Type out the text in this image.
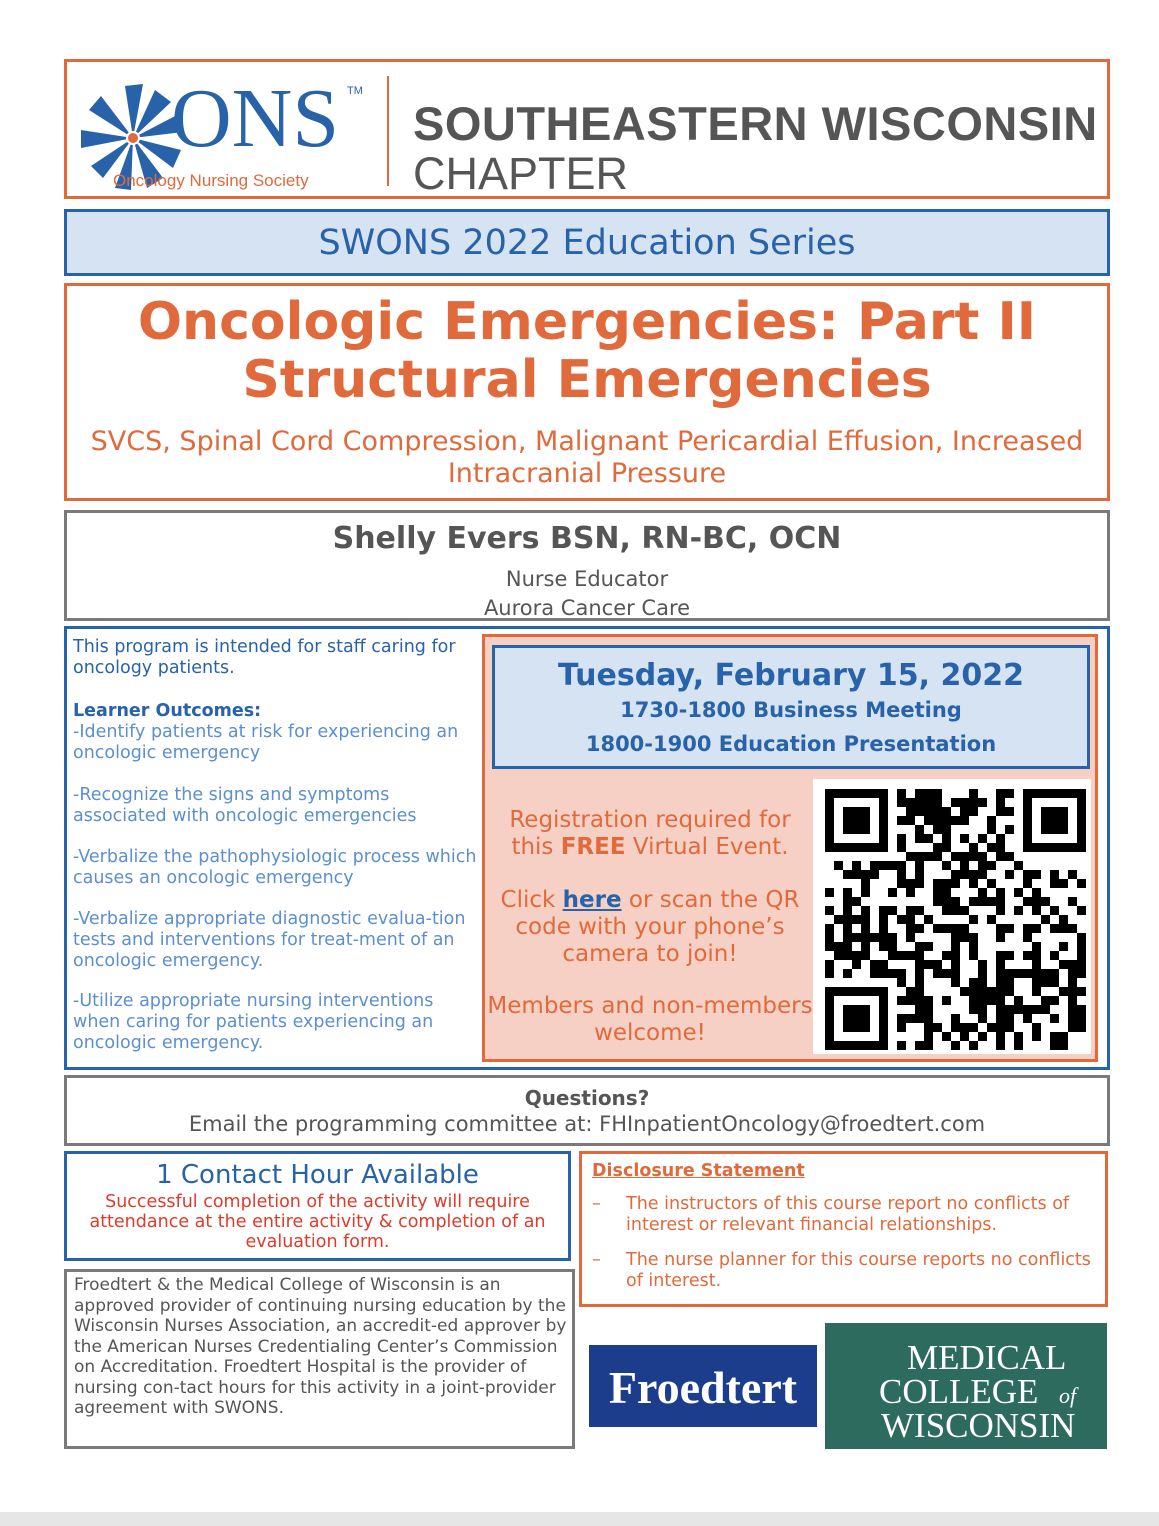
ONS TM
Oncology Nursing Society
SOUTHEASTERN WISCONSIN
CHAPTER
SWONS 2022 Education Series
Oncologic Emergencies: Part II
Structural Emergencies
SVCS, Spinal Cord Compression, Malignant Pericardial Effusion, Increased Intracranial Pressure
Shelly Evers BSN, RN-BC, OCN
Nurse Educator
Aurora Cancer Care
This program is intended for staff caring for oncology patients.
Learner Outcomes:
-Identify patients at risk for experiencing an oncologic emergency
-Recognize the signs and symptoms associated with oncologic emergencies
-Verbalize the pathophysiologic process which causes an oncologic emergency
-Verbalize appropriate diagnostic evalua-tion tests and interventions for treat-ment of an oncologic emergency.
-Utilize appropriate nursing interventions when caring for patients experiencing an oncologic emergency.
Tuesday, February 15, 2022
1730-1800 Business Meeting
1800-1900 Education Presentation
Registration required for this FREE Virtual Event.
Click here or scan the QR code with your phone’s camera to join!
Members and non-members welcome!
Questions?
Email the programming committee at: FHInpatientOncology@froedtert.com
1 Contact Hour Available
Successful completion of the activity will require attendance at the entire activity & completion of an evaluation form.
Disclosure Statement
– The instructors of this course report no conflicts of interest or relevant financial relationships.
– The nurse planner for this course reports no conflicts of interest.
Froedtert & the Medical College of Wisconsin is an approved provider of continuing nursing education by the Wisconsin Nurses Association, an accredit-ed approver by the American Nurses Credentialing Center’s Commission on Accreditation. Froedtert Hospital is the provider of nursing con-tact hours for this activity in a joint-provider agreement with SWONS.	Froedtert
MEDICAL
COLLEGE of
WISCONSIN
